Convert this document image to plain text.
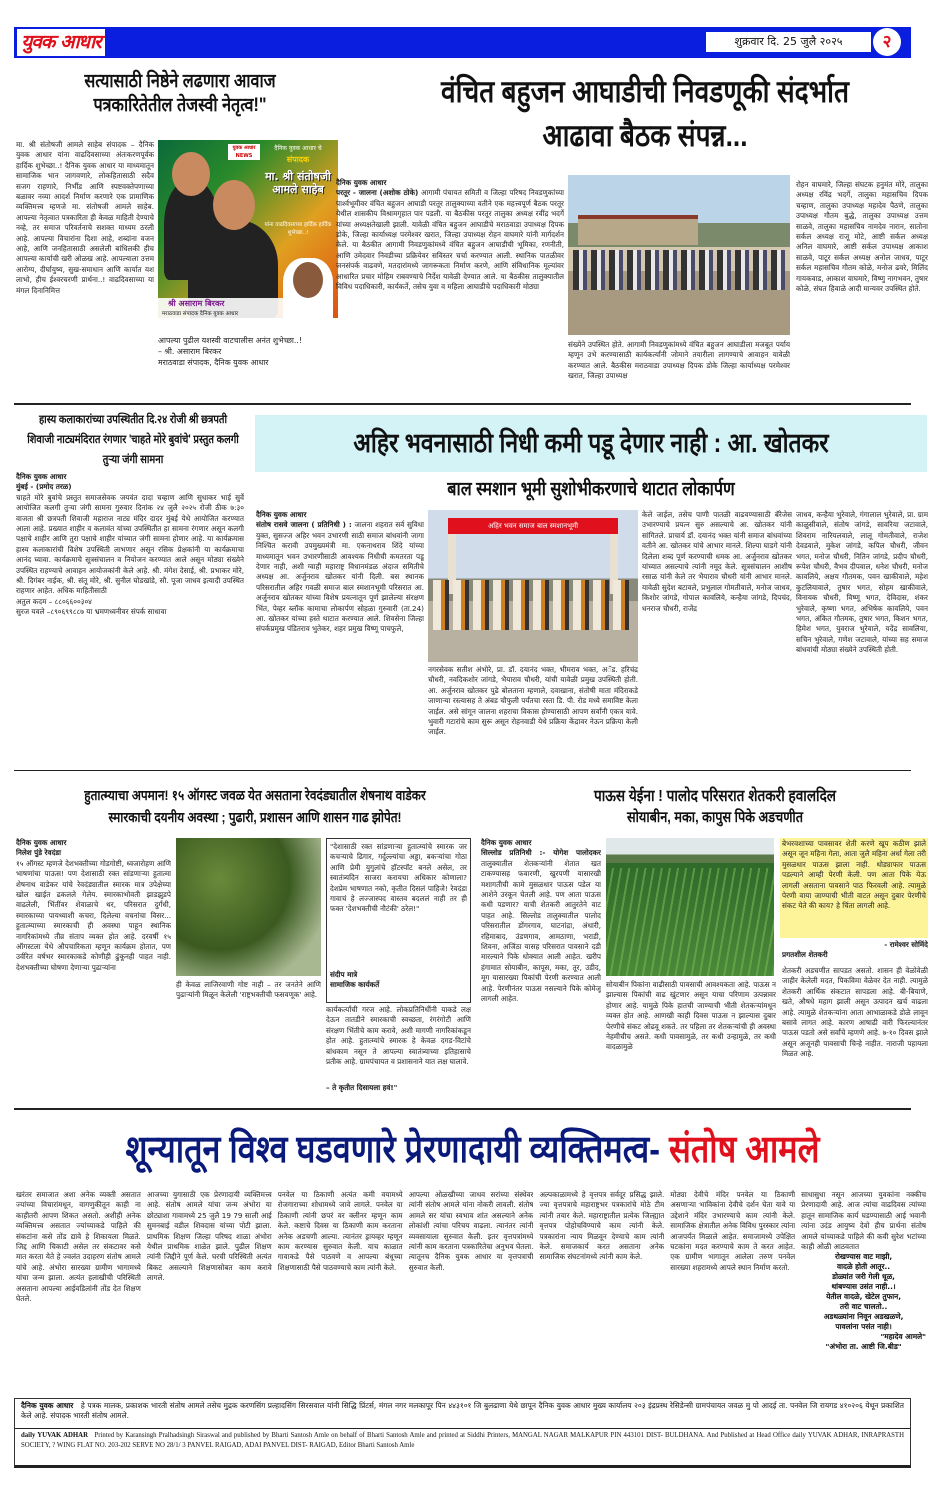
युवक आधार	शुक्रवार दि. 25 जुलै २०२५	२
सत्यासाठी निष्ठेने लढणारा आवाज पत्रकारितेतील तेजस्वी नेतृत्व!"
मा. श्री संतोषजी आमले साहेब संपादक – दैनिक युवक आधार यांना वाढदिवसाच्या अंतःकरणपूर्वक हार्दिक शुभेच्छा..! दैनिक युवक आधार या माध्यमातून सामाजिक भान जागवणारे, लोकहितासाठी सदैव सजग राहणारे, निर्भीड आणि स्पष्टवक्तेपणाच्या बळावर नव्या आदर्श निर्माण करणारे एक प्रामाणिक व्यक्तिमत्त्व म्हणजे मा. संतोषजी आमले साहेब. आपल्या नेतृत्वात पत्रकारिता ही केवळ माहिती देण्याचे नव्हे, तर समाज परिवर्तनाचे सशक्त माध्यम ठरली आहे. आपल्या विचारांना दिशा आहे, शब्दांना वजन आहे, आणि जनहितासाठी असलेली बांधिलकी हीच आपल्या कार्याची खरी ओळख आहे. आपल्याला उत्तम आरोग्य, दीर्घायुष्य, सुख-समाधान आणि कार्यात यश लाभो, हीच ईश्वरचरणी प्रार्थना..! वाढदिवसाच्या या मंगल दिनानिमित्त
युवक आधार NEWS
दैनिक युवक आधार चे
संपादक
मा. श्री संतोषजी आमले साहेब
यांना वाढदिवसाच्या हार्दिक हार्दिक शुभेच्छा..!
श्री असाराम बिरकर
मराठवाडा संपादक दैनिक युवक आधार
आपल्या पुढील यशस्वी वाटचालीस अनंत शुभेच्छा..!
– श्री. असाराम बिरकर
मराठवाडा संपादक, दैनिक युवक आधार
वंचित बहुजन आघाडीची निवडणूकी संदर्भात
आढावा बैठक संपन्न...
दैनिक युवक आधार
परतूर - जालना (अशोक ठोके) आगामी पंचायत समिती व जिल्हा परिषद निवडणुकांच्या पार्श्वभूमीवर वंचित बहुजन आघाडी परतूर तालुक्याच्या वतीने एक महत्त्वपूर्ण बैठक परतूर येथील शासकीय विश्रामगृहात पार पडली. या बैठकीस परतूर तालुका अध्यक्ष रवींद्र भदर्गे यांच्या अध्यक्षतेखाली झाली. यावेळी वंचित बहुजन आघाडीचे मराठवाडा उपाध्यक्ष दिपक डोके, जिल्हा कार्याध्यक्ष परमेश्वर खरात, जिल्हा उपाध्यक्ष रोहन वाघमारे यांनी मार्गदर्शन केले. या बैठकीत आगामी निवडणुकांमध्ये वंचित बहुजन आघाडीची भूमिका, रणनीती, आणि उमेदवार निवडीच्या प्रक्रियेवर सविस्तर चर्चा करण्यात आली. स्थानिक पातळीवर जनसंपर्क वाढवणे, मतदारांमध्ये जागरूकता निर्माण करणे, आणि संविधानिक मूल्यांवर आधारित प्रचार मोहिम राबवण्याचे निर्देश यावेळी देण्यात आले. या बैठकीस तालुक्यातील विविध पदाधिकारी, कार्यकर्ते, तसेच युवा व महिला आघाडीचे पदाधिकारी मोठ्या
संख्येने उपस्थित होते. आगामी निवडणुकांमध्ये वंचित बहुजन आघाडीला मजबूत पर्याय म्हणून उभे करण्यासाठी कार्यकर्त्यांनी जोमाने तयारीला लागण्याचे आवाहन यावेळी करण्यात आले. बैठकीस मराठवाडा उपाध्यक्ष दिपक डोके जिल्हा कार्याध्यक्ष परमेश्वर खरात, जिल्हा उपाध्यक्ष
रोहन वाघमारे, जिल्हा संघटक हनुमंत मोरे, तालुका अध्यक्ष रविंद्र भदर्गे, तालुका महासचिव दिपक चव्हाण, तालुका उपाध्यक्ष महादेव पैठणे, तालुका उपाध्यक्ष गौतम बुद्धे, तालुका उपाध्यक्ष उत्तम साळवे, तालुका महासचिव नामदेव नारान, सातोना सर्कल अध्यक्ष राजू मोटे, आष्टी सर्कल अध्यक्ष अनिल वाघमारे, आष्टी सर्कल उपाध्यक्ष आकाश साळवे, पाटूर सर्कल अध्यक्ष अनोल जाधव, पाटूर सर्कल महासचिव गौतम कोळे, मनोज ढवरे, मिलिंद गायकवाड, आकाश वाघमारे, विष्णु नागभवन, तुषार कोळे, संघत हिवाळे आदी मान्यवर उपस्थित होते.
हास्य कलाकारांच्या उपस्थितीत दि.२४ रोजी श्री छत्रपती शिवाजी नाट्यमंदिरात रंगणार 'चाहते मोरे बुवांचे' प्रस्तुत कलगी तुऱ्या जंगी सामना
दैनिक युवक आधार
मुंबई - (प्रमोद तरळ)
चाहते मोरे बुवांचे प्रस्तुत समाजसेवक जयवंत दादा चव्हाण आणि सुधाकर भाई सुर्वे आयोजित कलगी तुऱ्या जंगी सामना गुरुवार दिनांक २४ जुलै २०२५ रोजी ठीक ७:३० वाजता श्री छत्रपती शिवाजी महाराज नाट्य मंदिर दादर मुंबई येथे आयोजित करण्यात आला आहे. प्रख्यात शाहीर व कलावंत यांच्या उपस्थितीत हा सामना रंगणार असून कलगी पक्षाचे शाहीर आणि तुरा पक्षाचे शाहीर यांच्यात जंगी सामना होणार आहे. या कार्यक्रमास हास्य कलाकारांची विशेष उपस्थिती लाभणार असून रसिक प्रेक्षकांनी या कार्यक्रमाचा आनंद घ्यावा. कार्यक्रमाचे सूत्रसंचालन व नियोजन करण्यात आले असून मोठ्या संख्येने उपस्थित राहण्याचे आवाहन आयोजकांनी केले आहे. श्री. मंगेश देसाई, श्री. प्रभाकर मोरे, श्री. दिगंबर नाईक, श्री. संतू मोरे, श्री. सुनील घोडखांडे, सौ. पूजा जाधव इत्यादी उपस्थित राहणार आहेत. अधिक माहितीसाठी
अतुल कदम – ८८०६६००३०४
सुरज यवले –८९०६९९८८७ या भ्रमणध्वनीवर संपर्क साधावा
अहिर भवनासाठी निधी कमी पडू देणार नाही : आ. खोतकर
बाल स्मशान भूमी सुशोभीकरणाचे थाटात लोकार्पण
दैनिक युवक आधार
संतोष रासवे जालना ( प्रतिनिधी ) : जालना शहरात सर्व सुविधा युक्त, सुसज्ज अहिर भवन उभारणी साठी समाज बांधवांनी जागा निश्चित करावी उपमुख्यमंत्री मा. एकनाथराव शिंदे यांच्या माध्यमातून भवन उभारणीसाठी आवश्यक निधीची कमतरता पडू देणार नाही, अशी ग्वाही महाराष्ट्र विधानमंडळ अंदाज समितीचे अध्यक्ष आ. अर्जुनराव खोतकर यांनी दिली. बस स्थानक परिसरातील अहिर गवळी समाज बाल स्मशानभूमी परिसरात आ. अर्जुनराव खोतकर यांच्या विशेष प्रयत्नातून पूर्ण झालेल्या संरक्षण भिंत, पेव्हर ब्लॉक कामाचा लोकार्पण सोहळा गुरुवारी (ता.24) आ. खोतकर यांच्या हस्ते थाटात करण्यात आले. शिवसेना जिल्हा संपर्कप्रमुख पंडितराव भुतेकर, शहर प्रमुख विष्णू पाचफुले,
अहिर भवन समाज बाल स्मशानभूमी
नगरसेवक सतीश अंभोरे, प्रा. डॉ. दयानंद भक्त, भीमराव भक्त, अॅड. हरिचंद्र चौधरी, नवदिकशोर जांगडे, भैयाराव चौधरी, यांची यावेळी प्रमुख उपस्थिती होती. आ. अर्जुनराव खोतकर पुढे बोलताना म्हणाले, दवाखाना, संतोषी माता मंदिराकडे जाणाऱ्या रस्त्यासह ते अंबड चौफुली पर्यंतचा रस्ता डि. पी. रोड मध्ये समाविष्ट केला जाईल. असे सांगून जालना शहराचा विकास होण्यासाठी आपण सर्वांनी एकत्र यावे. भुवारी गटारांचे काम सुरू असून रोहनवाडी येथे प्रक्रिया केंद्रावर नेऊन प्रक्रिया केली जाईल.
केले जाईल, तसेच पाणी पातळी वाढवण्यासाठी बॅरेजेस उभारण्याचे प्रयत्न सुरु असल्याचे आ. खोतकर यांनी सांगितले. प्राचार्य डॉ. दयानंद भक्त यांनी समाज बांधवांच्या वतीने आ. खोतकर यांचे आभार मानले. शिल्पा घाडगे यांनी दिलेला शब्द पूर्ण करण्याची धमक आ. अर्जुनराव खोतकर यांच्यात असल्याचे त्यांनी नमूद केले. सूत्रसंचालन आशीष रसाळ यांनी केले तर भैयाराव चौधरी यांनी आभार मानले. यावेळी सुदेश बटावले, प्रभुलाल गोमतीवाले, मनोज जाधव, किशोर जांगडे, गोपाल कावलिये, कन्हैया जांगडे, दिपचंद, धनराज चौधरी, राजेंद्र
जाधव, कन्हैया भुरेवाले, गंगालाल भुरेवाले, प्रा. ग्राम काळुसीवाले, संतोष जांगडे, सावरिया जटावाले, शिवराम नारियलवाले, लालू गोमतीवाले, राजेश देवडवाले, मुकेश जांगडे, कपिल चौधरी, जीवन भगत, मनोज चौधरी, नितिन जांगडे, प्रदीप चौधरी, रूपेश चौधरी, वैभव दीपवाल, धनेश चौधरी, मनोज कावलिये, अक्षय गौतमक, पवन खाकीवाले, महेश कुटलियावाले, तुषार भगत, सोहम खाकीवाले, विनायक चौधरी, विष्णू भगत, देविदास, शंकर भुरेवाले, कृष्णा भगत, अभिषेक कावलिये, पवन भगत, अंकित गौतमक, तुषार भगत, किशन भगत, हिमेश भगत, युवराज भुरेवाले, यदेंद्र सावलिया, सचिन भुरेवाले, गणेश जटावाले, यांच्या सह समाज बांधवांची मोठ्या संख्येने उपस्थिती होती.
हुतात्म्याचा अपमान! १५ ऑगस्ट जवळ येत असताना रेवदंड्यातील शेषनाथ वाडेकर
स्मारकाची दयनीय अवस्था ; पुढारी, प्रशासन आणि शासन गाढ झोपेत!
दैनिक युवक आधार
निलेश पुंडे रेवदंडा
१५ ऑगस्ट म्हणजे देशभक्तीच्या गोडगोष्टी, ध्वजारोहण आणि भाषणांचा पाऊस! पण देशासाठी रक्त सांडणाऱ्या हुतात्मा शेषनाथ वाडेकर यांचे रेवदंड्यातील स्मारक मात्र उपेक्षेच्या खोल खाईत ढकलले गेलेय. स्मारकाभोवती झाडझुडपे वाढलेली, भिंतींवर शेवाळाचे थर, परिसरात दुर्गंधी, स्मारकाच्या पायथ्याशी कचरा, दिलेल्या वचनांचा विसर... हुतात्म्याच्या स्मारकाची ही अवस्था पाहून स्थानिक नागरिकांमध्ये तीव्र संताप व्यक्त होत आहे. दरवर्षी १५ ऑगस्टला येथे औपचारिकता म्हणून कार्यक्रम होतात, पण उर्वरित वर्षभर स्मारकाकडे कोणीही ढुंकूनही पाहत नाही. देशभक्तीच्या घोषणा देणाऱ्या पुढाऱ्यांना
ही केवळ लाजिरवाणी गोष्ट नाही – तर जनतेने आणि पुढाऱ्यांनी मिळून केलेली 'राष्ट्रभक्तीची फसवणूक' आहे.
"देशासाठी रक्त सांडणाऱ्या हुतात्म्यांचे स्मारक जर कचऱ्याचे ढिगार, गर्दुल्ल्यांचा अड्डा, बकऱ्यांचा गोठा आणि प्रेमी युगुलांचे हॉटस्पॉट बनले असेल, तर स्वातंत्र्यदिन साजरा करायचा अधिकार कोणाला? देशप्रेम भाषणात नको, कृतीत दिसलं पाहिजे! रेवदंडा गावाचं हे लज्जास्पद वास्तव बदललं नाही तर ही फक्त 'देशभक्तीची नौटंकी' ठरेल!"
संदीप मात्रे
सामाजिक कार्यकर्ते
कार्यकर्त्यांची गरज आहे. लोकप्रतिनिधींनी याकडे लक्ष देऊन तातडीने स्मारकाची स्वच्छता, रंगरंगोटी आणि संरक्षण भिंतीचे काम करावे, अशी मागणी नागरिकांकडून होत आहे. हुतात्म्यांचे स्मारक हे केवळ दगड-विटांचे बांधकाम नसून ते आपल्या स्वातंत्र्याच्या इतिहासाचे प्रतीक आहे. ग्रामपंचायत व प्रशासनाने यात लक्ष घालावे.
– ते कृतीत दिसायला हवं!"
पाऊस येईना ! पालोद परिसरात शेतकरी हवालदिल
सोयाबीन, मका, कापुस पिके अडचणीत
दैनिक युवक आधार
सिल्लोड प्रतिनिधी :- योगेश पालोदकर तालुक्यातील शेतकऱ्यांनी शेतात खत टाकण्यासह फवारणी, खुरपणी यासारखी मशागतीची कामे मुसळधार पाऊस पडेल या आशेने उरकून घेतली आहे. पण आता पाऊस कधी पडणार? याची शेतकरी आतुरतेने वाट पाहत आहे. सिल्लोड तालुक्यातील पालोद परिसरातील डोंगरगाव, घाटनांद्रा, अंधारी, रहिमाबाद, उंडणगाव, आमठाणा, भराडी, शिवना, अजिंठा यासह परिसरात पावसाने दडी मारल्याने पिके धोक्यात आली आहेत. खरीप हंगामात सोयाबीन, कापूस, मका, तूर, उडीद, मूग यासारख्या पिकांची पेरणी करण्यात आली आहे. पेरणीनंतर पाऊस नसल्याने पिके कोमेजू लागली आहेत.
सोयाबीन पिकांना वाढीसाठी पावसाची आवश्यकता आहे. पाऊस न झाल्यास पिकांची वाढ खुंटणार असून याचा परिणाम उत्पन्नावर होणार आहे. यामुळे पिके हातची जाण्याची भीती शेतकऱ्यांमधून व्यक्त होत आहे. आणखी काही दिवस पाऊस न झाल्यास दुबार पेरणीचे संकट ओढवू शकते. तर पहिला तर शेतकऱ्यांची ही अवस्था नेहमीचीच असते. कधी पावसामुळे, तर कधी उन्हामुळे, तर कधी वादळामुळे
बेभरवशाच्या पावसावर शेती करणे खूप कठीण झाले असून जून महिना गेला, आता जुलै महिना अर्धा गेला तरी मुसळधार पाऊस झाला नाही. थोड्याफार पाऊस पडल्याने आम्ही पेरणी केली. पण आता पिके येऊ लागली असताना पावसाने पाठ फिरवली आहे. त्यामुळे पेरणी वाया जाण्याची भीती वाटत असून दुबार पेरणीचे संकट येते की काय? हे चिंता लागली आहे.
- रामेश्वर सोमिंदे
प्रगतशील शेतकरी
शेतकरी अडचणीत सापडत असतो. शासन ही वेळोवेळी जाहीर केलेली मदत, पिकविमा वेळेवर देत नाही. त्यामुळे शेतकरी आर्थिक संकटात सापडला आहे. बी-बियाणे, खते, औषधे महाग झाली असून उत्पादन खर्च वाढला आहे. त्यामुळे शेतकऱ्यांना आता आभाळाकडे डोळे लावून बसावे लागत आहे. कारण आषाढी वारी फिरल्यानंतर पाऊस पडतो असे सर्वांचे म्हणणे आहे. ७-१० दिवस झाले असून अजूनही पावसाची चिन्हे नाहीत. नाराजी पहायला मिळत आहे.
शून्यातून विश्व घडवणारे प्रेरणादायी व्यक्तिमत्व- संतोष आमले
खरंतर समाजात अशा अनेक व्यक्ती असतात ज्यांच्या विचारांमधून, वागणुकीतून काही ना काहीतरी आपण शिकत असतो. अशीही अनेक व्यक्तिमत्त्व असतात ज्यांच्याकडे पाहिले की संकटांना कसे तोंड द्यावे हे शिकायला मिळते. जिद्द आणि चिकाटी असेल तर संकटावर कसे मात करता येते हे ज्वलंत उदाहरण संतोष आमले यांचे आहे. अंभोरा सारख्या ग्रामीण भागामध्ये यांचा जन्म झाला. अत्यंत हलाखीची परिस्थिती असताना आपल्या आईवडिलांनी तोंड देत शिक्षण घेतले.
आजच्या युगासाठी एक प्रेरणादायी व्यक्तिमत्त्व आहे. संतोष आमले यांचा जन्म अंभोरा या छोट्याशा गावामध्ये 25 जुलै 19 79 साली आई सुमनबाई वडील शिवदास यांच्या पोटी झाला. प्राथमिक शिक्षण जिल्हा परिषद शाळा अंभोरा येथील प्राथमिक शाळेत झाले. पुढील शिक्षण त्यांनी जिद्दीने पूर्ण केले. घरची परिस्थिती अत्यंत बिकट असल्याने शिक्षणासोबत काम करावे लागले.
पनवेल या ठिकाणी अत्यंत कमी वयामध्ये रोजगाराच्या शोधामध्ये जावे लागले. पनवेल या ठिकाणी त्यांनी छपरं वर क्लीनर म्हणून काम केले. कष्टाचे दिवस या ठिकाणी काम करताना अनेक अडचणी आल्या. त्यानंतर ड्रायव्हर म्हणून काम करण्यास सुरुवात केली. याच काळात गावाकडे पैसे पाठवणे व आपल्या बंधूच्या शिक्षणासाठी पैसे पाठवण्याचे काम त्यांनी केले.
आपल्या ओळखीच्या जाधव सरांच्या संस्थेवर त्यांनी संतोष आमले यांना नोकरी लावली. संतोष आमले सर यांचा स्वभाव शांत असल्याने अनेक लोकांशी त्यांचा परिचय वाढला. त्यानंतर त्यांनी व्यवसायाला सुरुवात केली. इतर वृत्तपत्रांमध्ये त्यांनी काम करताना पत्रकारितेचा अनुभव घेतला. त्यातूनच दैनिक युवक आधार या वृत्तपत्राची सुरुवात केली.
अल्पकाळामध्ये हे वृत्तपत्र सर्वदूर प्रसिद्ध झाले. ज्या वृत्तपत्राचे महाराष्ट्रभर पत्रकारांचे मोठे टीम त्यांनी तयार केले. महाराष्ट्रातील प्रत्येक जिल्ह्यात वृत्तपत्र पोहोचविण्याचे काम त्यांनी केले. पत्रकारांना न्याय मिळवून देण्याचे काम त्यांनी केले. समाजकार्य करत असताना अनेक सामाजिक संघटनांमध्ये त्यांनी काम केले.
मोठ्या देवीचे मंदिर पनवेल या ठिकाणी असणाऱ्या भाविकांना देवीचे दर्शन घेता यावे या उद्देशाने मंदिर उभारण्याचे काम त्यांनी केले. सामाजिक क्षेत्रातील अनेक विविध पुरस्कार त्यांना आजपर्यंत मिळाले आहेत. समाजामध्ये उपेक्षित घटकांना मदत करण्याचे काम ते करत आहेत. एक ग्रामीण भागातून आलेला तरुण पनवेल सारख्या शहरामध्ये आपले स्थान निर्माण करतो.
साधासुधा नसून आजच्या युवकांना नक्कीच प्रेरणादायी आहे. आज त्यांचा वाढदिवस त्यांच्या हातून सामाजिक कार्य घडण्यासाठी आई भवानी त्यांना उदंड आयुष्य देवो हीच प्रार्थना संतोष आमले यांच्याकडे पाहिले की कवी सुरेश भटांच्या काही ओळी आठवतात
रोखण्यास वाट माझी,
वादळे होती आतूर..
डोळ्यांत जरी गेली धूळ,
थांबण्यास उसंत नाही..।
येतील वादळे, खेटेल तुफान,
तरी वाट चालतो..
अडथळ्यांना निवून अडखळणे,
पावलांना पसंत नाही।
"महादेव आमले"
"अंभोरा ता. आष्टी जि.बीड"
दैनिक युवक आधार हे पत्रक मालक, प्रकाशक भारती संतोष आमले तसेच मुद्रक करणसिंग प्रल्हादसिंग सिरसवाल यांनी सिद्धि प्रिंटर्स, मंगल नगर मलकापूर पिन ४४३१०१ जि बुलढाणा येथे छापून दैनिक युवक आधार मुख्य कार्यालय २०३ इंद्रप्रस्थ रेसिडेन्सी ग्रामपंचायत जवळ मु पो आदई ता. पनवेल जि रायगड ४१०२०६ येथून प्रकाशित केले आहे. संपादक भारती संतोष आमले.
daily YUVAK ADHAR Printed by Karansingh Pralhadsingh Siraswal and published by Bharti Santosh Amle on behalf of Bharti Santosh Amle and printed at Siddhi Printers, MANGAL NAGAR MALKAPUR PIN 443101 DIST- BULDHANA. And Published at Head Office daily YUVAK ADHAR, INRAPRASTH SOCIETY, ? WING FLAT NO. 203-202 SERVE NO 28/1/ 3 PANVEL RAIGAD, ADAI PANVEL DIST- RAIGAD, Editor Bharti Santosh Amle
